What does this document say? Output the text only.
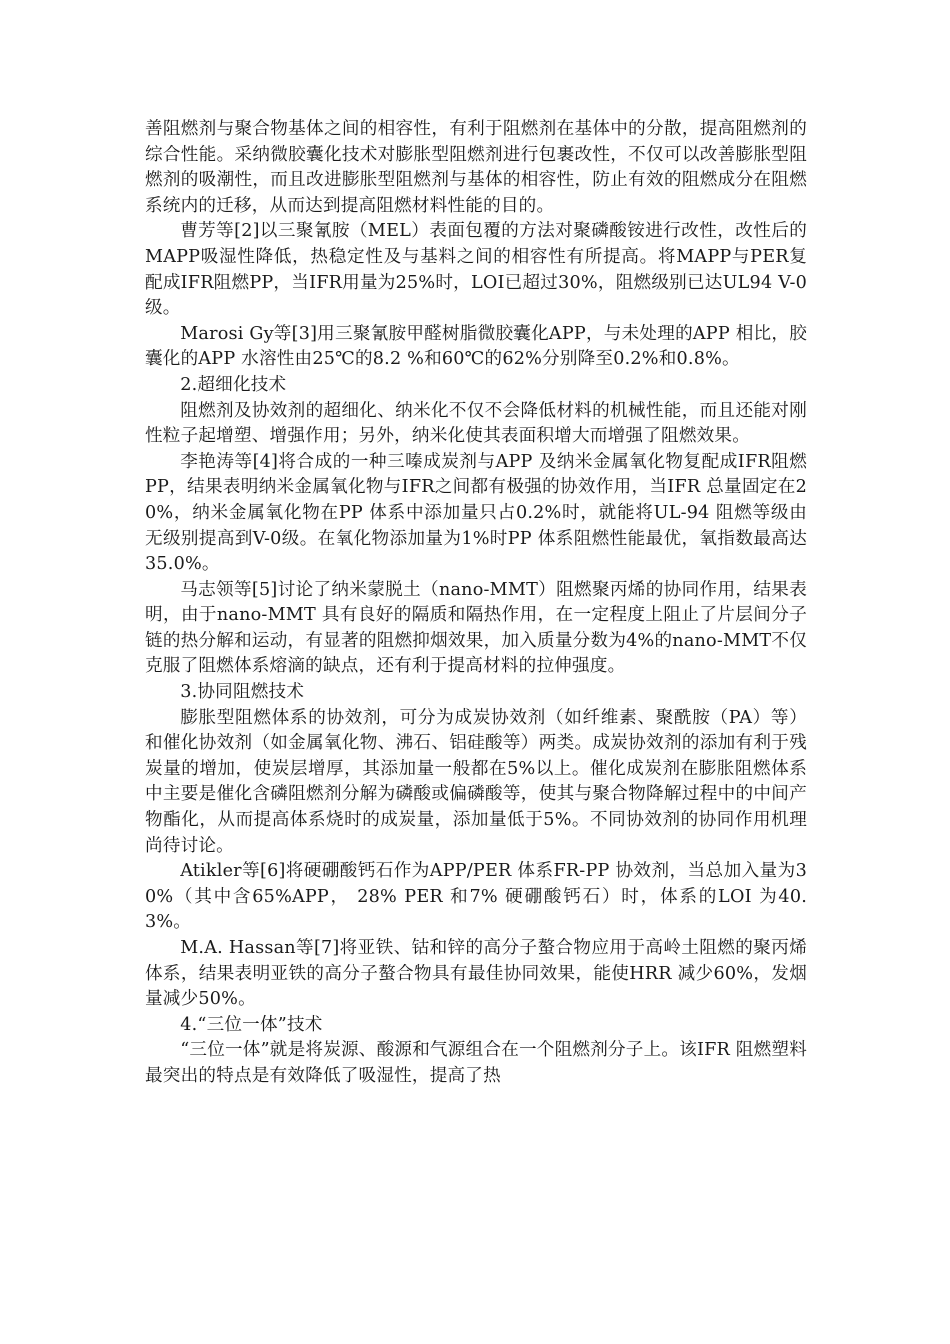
善阻燃剂与聚合物基体之间的相容性，有利于阻燃剂在基体中的分散，提高阻燃剂的综合性能。采纳微胶囊化技术对膨胀型阻燃剂进行包裹改性，不仅可以改善膨胀型阻燃剂的吸潮性，而且改进膨胀型阻燃剂与基体的相容性，防止有效的阻燃成分在阻燃系统内的迁移，从而达到提高阻燃材料性能的目的。

曹芳等[2]以三聚氰胺（MEL）表面包覆的方法对聚磷酸铵进行改性，改性后的MAPP吸湿性降低，热稳定性及与基料之间的相容性有所提高。将MAPP与PER复配成IFR阻燃PP，当IFR用量为25%时，LOI已超过30%，阻燃级别已达UL94 V-0级。

Marosi Gy等[3]用三聚氰胺甲醛树脂微胶囊化APP，与未处理的APP 相比，胶囊化的APP 水溶性由25℃的8.2 %和60℃的62%分别降至0.2%和0.8%。

2.超细化技术

阻燃剂及协效剂的超细化、纳米化不仅不会降低材料的机械性能，而且还能对刚性粒子起增塑、增强作用；另外，纳米化使其表面积增大而增强了阻燃效果。

李艳涛等[4]将合成的一种三嗪成炭剂与APP 及纳米金属氧化物复配成IFR阻燃PP，结果表明纳米金属氧化物与IFR之间都有极强的协效作用，当IFR 总量固定在20%，纳米金属氧化物在PP 体系中添加量只占0.2%时，就能将UL-94 阻燃等级由无级别提高到V-0级。在氧化物添加量为1%时PP 体系阻燃性能最优，氧指数最高达35.0%。

马志领等[5]讨论了纳米蒙脱土（nano-MMT）阻燃聚丙烯的协同作用，结果表明，由于nano-MMT 具有良好的隔质和隔热作用，在一定程度上阻止了片层间分子链的热分解和运动，有显著的阻燃抑烟效果，加入质量分数为4%的nano-MMT不仅克服了阻燃体系熔滴的缺点，还有利于提高材料的拉伸强度。

3.协同阻燃技术

膨胀型阻燃体系的协效剂，可分为成炭协效剂（如纤维素、聚酰胺（PA）等）和催化协效剂（如金属氧化物、沸石、铝硅酸等）两类。成炭协效剂的添加有利于残炭量的增加，使炭层增厚，其添加量一般都在5%以上。催化成炭剂在膨胀阻燃体系中主要是催化含磷阻燃剂分解为磷酸或偏磷酸等，使其与聚合物降解过程中的中间产物酯化，从而提高体系烧时的成炭量，添加量低于5%。不同协效剂的协同作用机理尚待讨论。

Atikler等[6]将硬硼酸钙石作为APP/PER 体系FR-PP 协效剂，当总加入量为30%（其中含65%APP， 28% PER 和7% 硬硼酸钙石）时，体系的LOI 为40.3%。

M.A. Hassan等[7]将亚铁、钴和锌的高分子螯合物应用于高岭土阻燃的聚丙烯体系，结果表明亚铁的高分子螯合物具有最佳协同效果，能使HRR 减少60%，发烟量减少50%。

4.“三位一体”技术

“三位一体”就是将炭源、酸源和气源组合在一个阻燃剂分子上。该IFR 阻燃塑料最突出的特点是有效降低了吸湿性，提高了热
